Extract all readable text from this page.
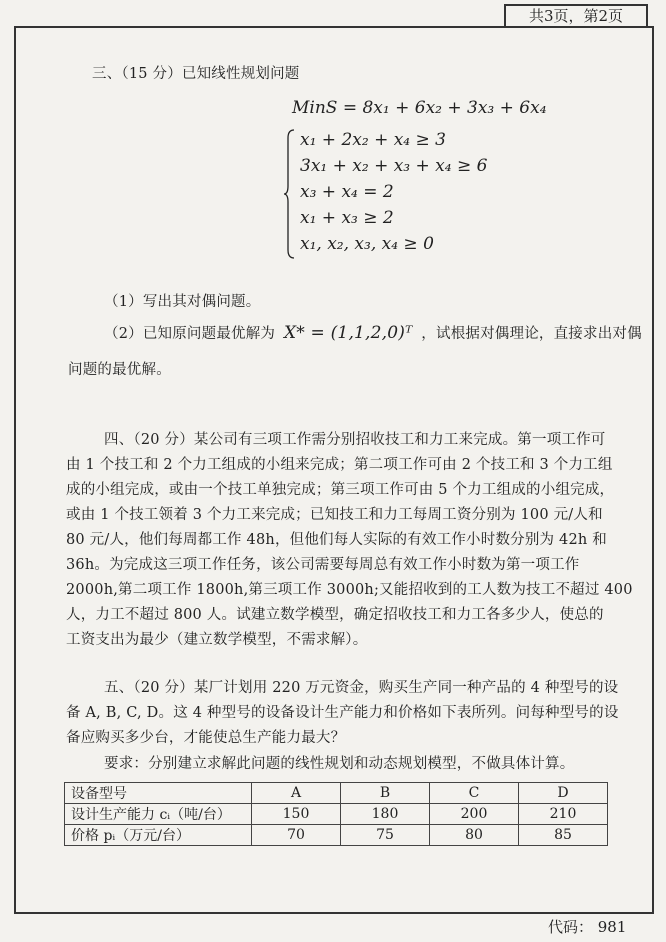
共3页，第2页
三、（15 分）已知线性规划问题
MinS = 8x₁ + 6x₂ + 3x₃ + 6x₄
x₁ + 2x₂ + x₄ ≥ 3
3x₁ + x₂ + x₃ + x₄ ≥ 6
x₃ + x₄ = 2
x₁ + x₃ ≥ 2
x₁, x₂, x₃, x₄ ≥ 0
（1）写出其对偶问题。
（2）已知原问题最优解为 X* = (1,1,2,0)ᵀ ，试根据对偶理论，直接求出对偶
问题的最优解。
四、（20 分）某公司有三项工作需分别招收技工和力工来完成。第一项工作可
由 1 个技工和 2 个力工组成的小组来完成；第二项工作可由 2 个技工和 3 个力工组
成的小组完成，或由一个技工单独完成；第三项工作可由 5 个力工组成的小组完成，
或由 1 个技工领着 3 个力工来完成；已知技工和力工每周工资分别为 100 元/人和
80 元/人，他们每周都工作 48h，但他们每人实际的有效工作小时数分别为 42h 和
36h。为完成这三项工作任务，该公司需要每周总有效工作小时数为第一项工作
2000h,第二项工作 1800h,第三项工作 3000h;又能招收到的工人数为技工不超过 400
人，力工不超过 800 人。试建立数学模型，确定招收技工和力工各多少人，使总的
工资支出为最少（建立数学模型，不需求解）。
五、（20 分）某厂计划用 220 万元资金，购买生产同一种产品的 4 种型号的设
备 A, B, C, D。这 4 种型号的设备设计生产能力和价格如下表所列。问每种型号的设
备应购买多少台，才能使总生产能力最大？
要求：分别建立求解此问题的线性规划和动态规划模型，不做具体计算。
设备型号	A	B	C	D
设计生产能力 cᵢ（吨/台）	150	180	200	210
价格 pᵢ（万元/台）	70	75	80	85
代码： 981
